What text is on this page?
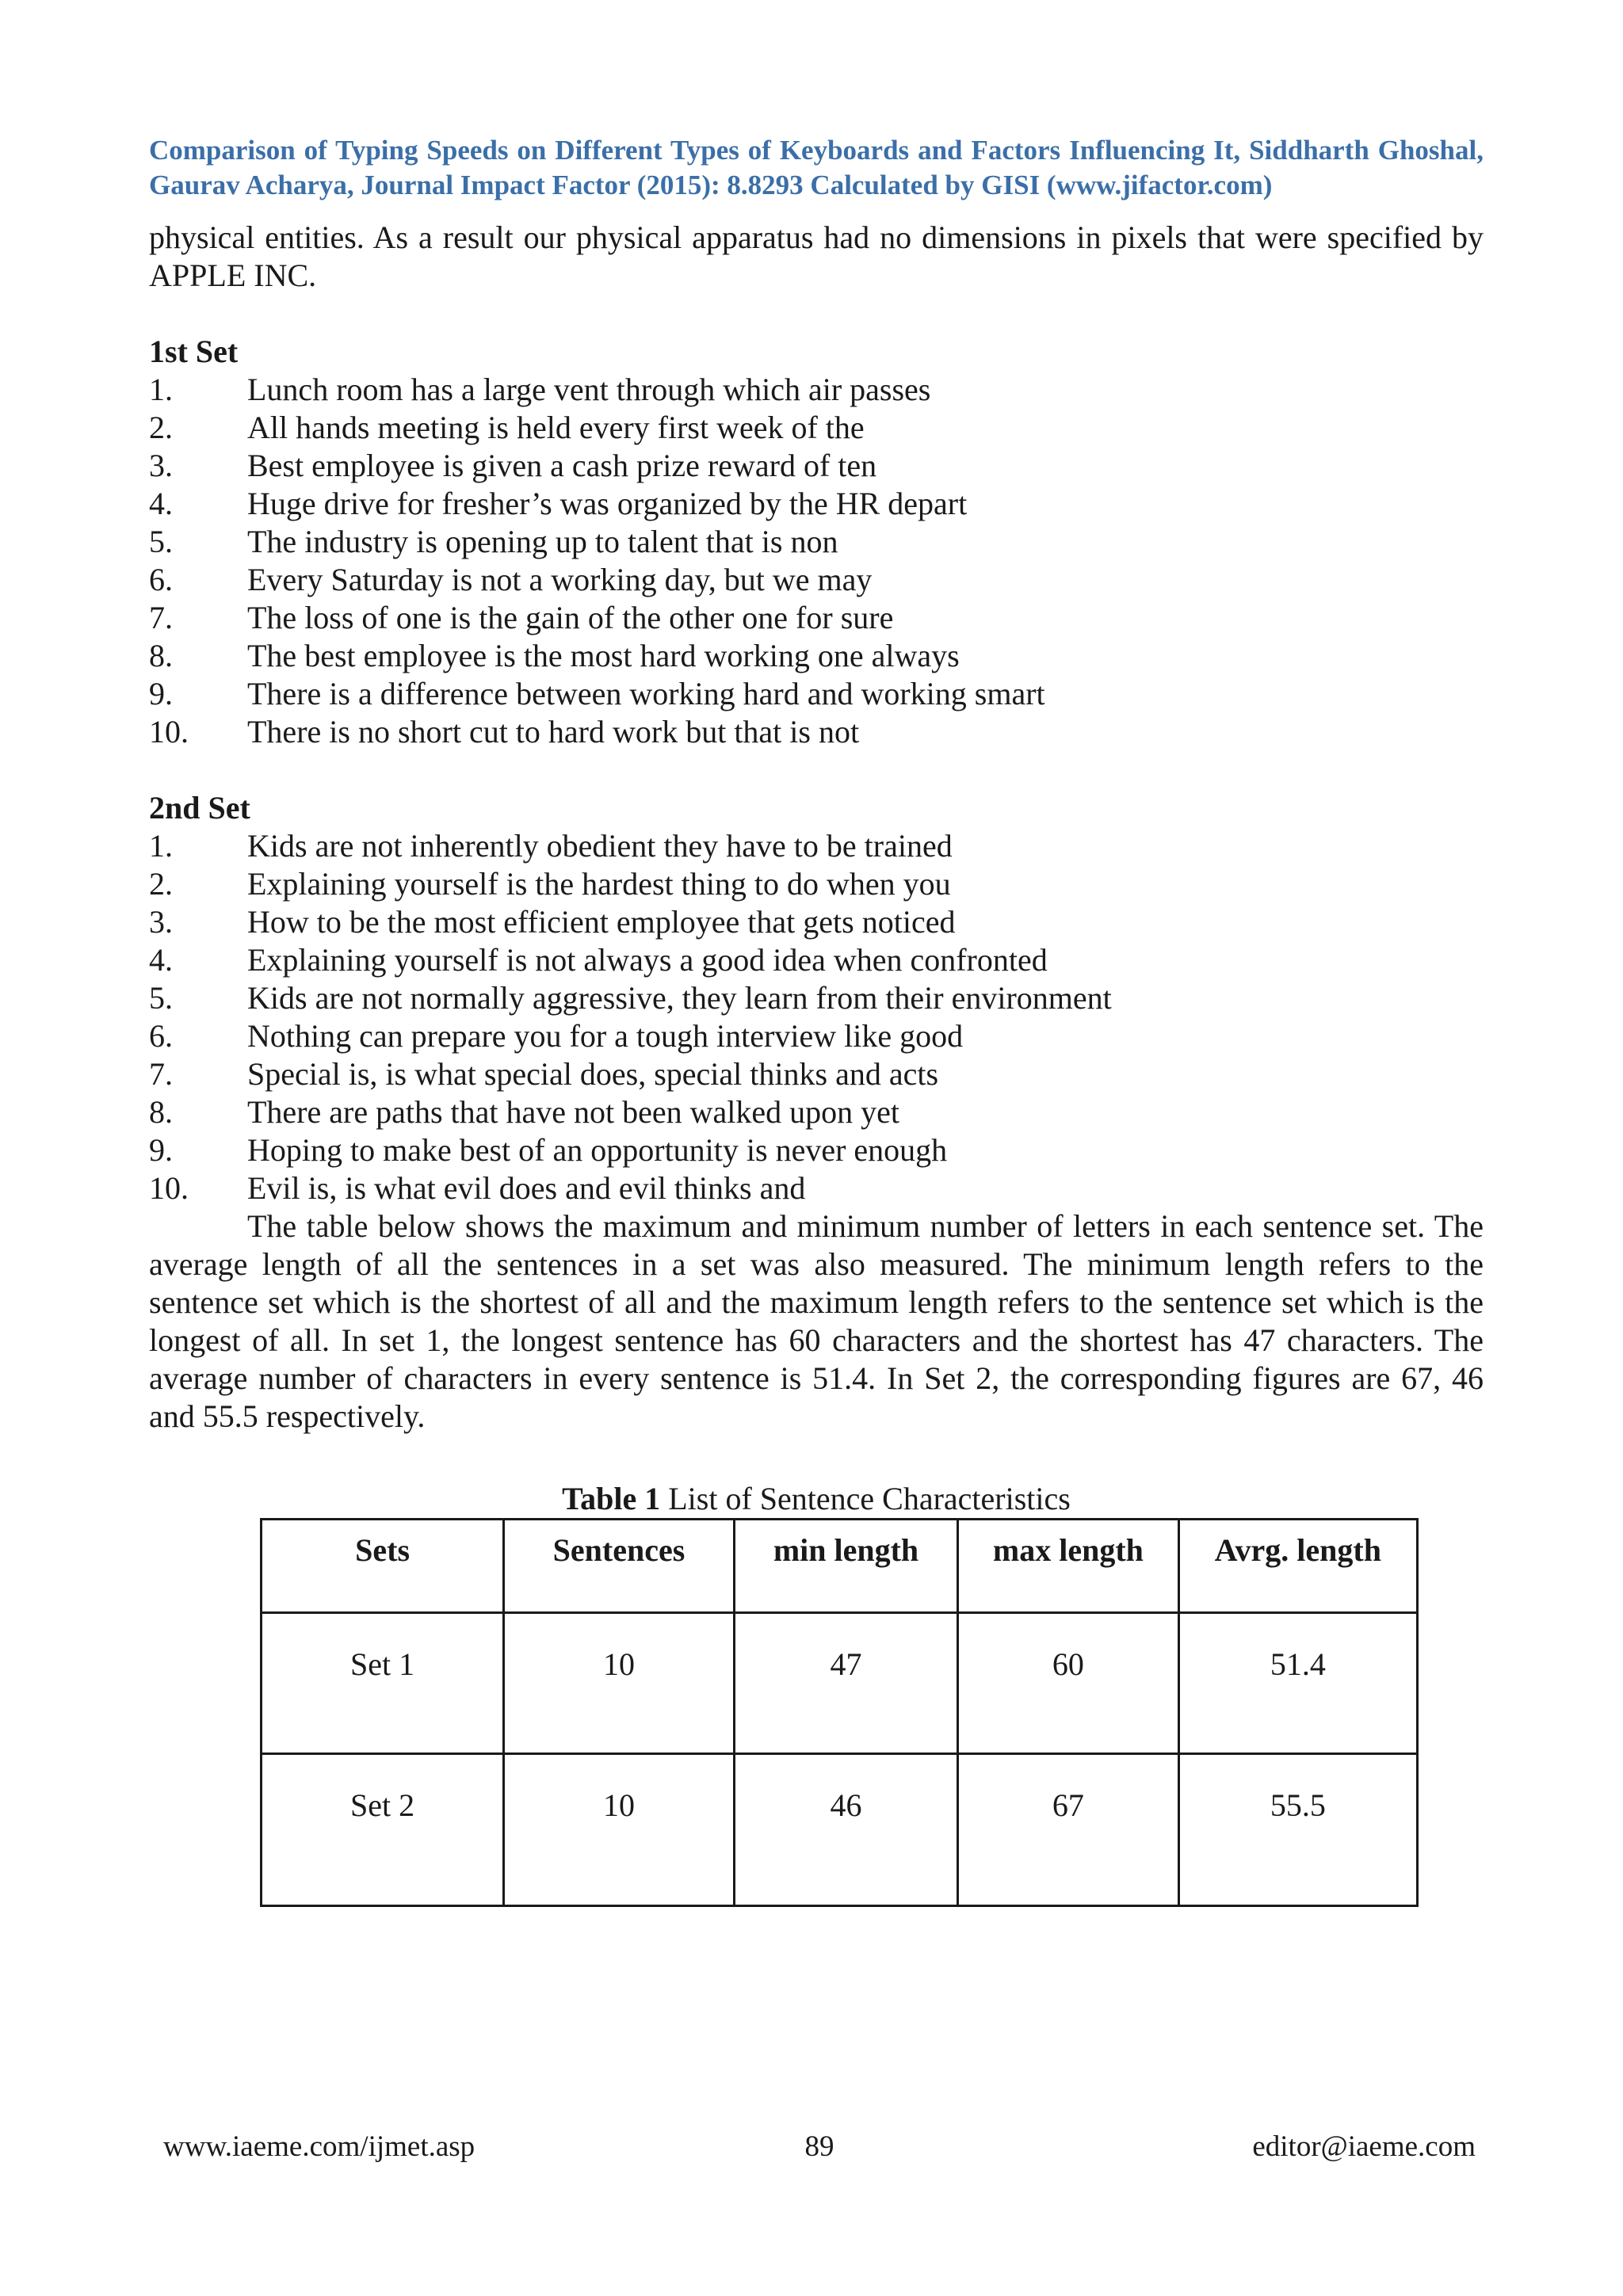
Comparison of Typing Speeds on Different Types of Keyboards and Factors Influencing It, Siddharth Ghoshal, Gaurav Acharya, Journal Impact Factor (2015): 8.8293 Calculated by GISI (www.jifactor.com)

physical entities. As a result our physical apparatus had no dimensions in pixels that were specified by APPLE INC.

1st Set
1.	Lunch room has a large vent through which air passes
2.	All hands meeting is held every first week of the
3.	Best employee is given a cash prize reward of ten
4.	Huge drive for fresher’s was organized by the HR depart
5.	The industry is opening up to talent that is non
6.	Every Saturday is not a working day, but we may
7.	The loss of one is the gain of the other one for sure
8.	The best employee is the most hard working one always
9.	There is a difference between working hard and working smart
10.	There is no short cut to hard work but that is not
2nd Set
1.	Kids are not inherently obedient they have to be trained
2.	Explaining yourself is the hardest thing to do when you
3.	How to be the most efficient employee that gets noticed
4.	Explaining yourself is not always a good idea when confronted
5.	Kids are not normally aggressive, they learn from their environment
6.	Nothing can prepare you for a tough interview like good
7.	Special is, is what special does, special thinks and acts
8.	There are paths that have not been walked upon yet
9.	Hoping to make best of an opportunity is never enough
10.	Evil is, is what evil does and evil thinks and

The table below shows the maximum and minimum number of letters in each sentence set. The average length of all the sentences in a set was also measured. The minimum length refers to the sentence set which is the shortest of all and the maximum length refers to the sentence set which is the longest of all. In set 1, the longest sentence has 60 characters and the shortest has 47 characters. The average number of characters in every sentence is 51.4. In Set 2, the corresponding figures are 67, 46 and 55.5 respectively.

Table 1 List of Sentence Characteristics
Sets	Sentences	min length	max length	Avrg. length
Set 1	10	47	60	51.4
Set 2	10	46	67	55.5
www.iaeme.com/ijmet.asp	89	editor@iaeme.com
